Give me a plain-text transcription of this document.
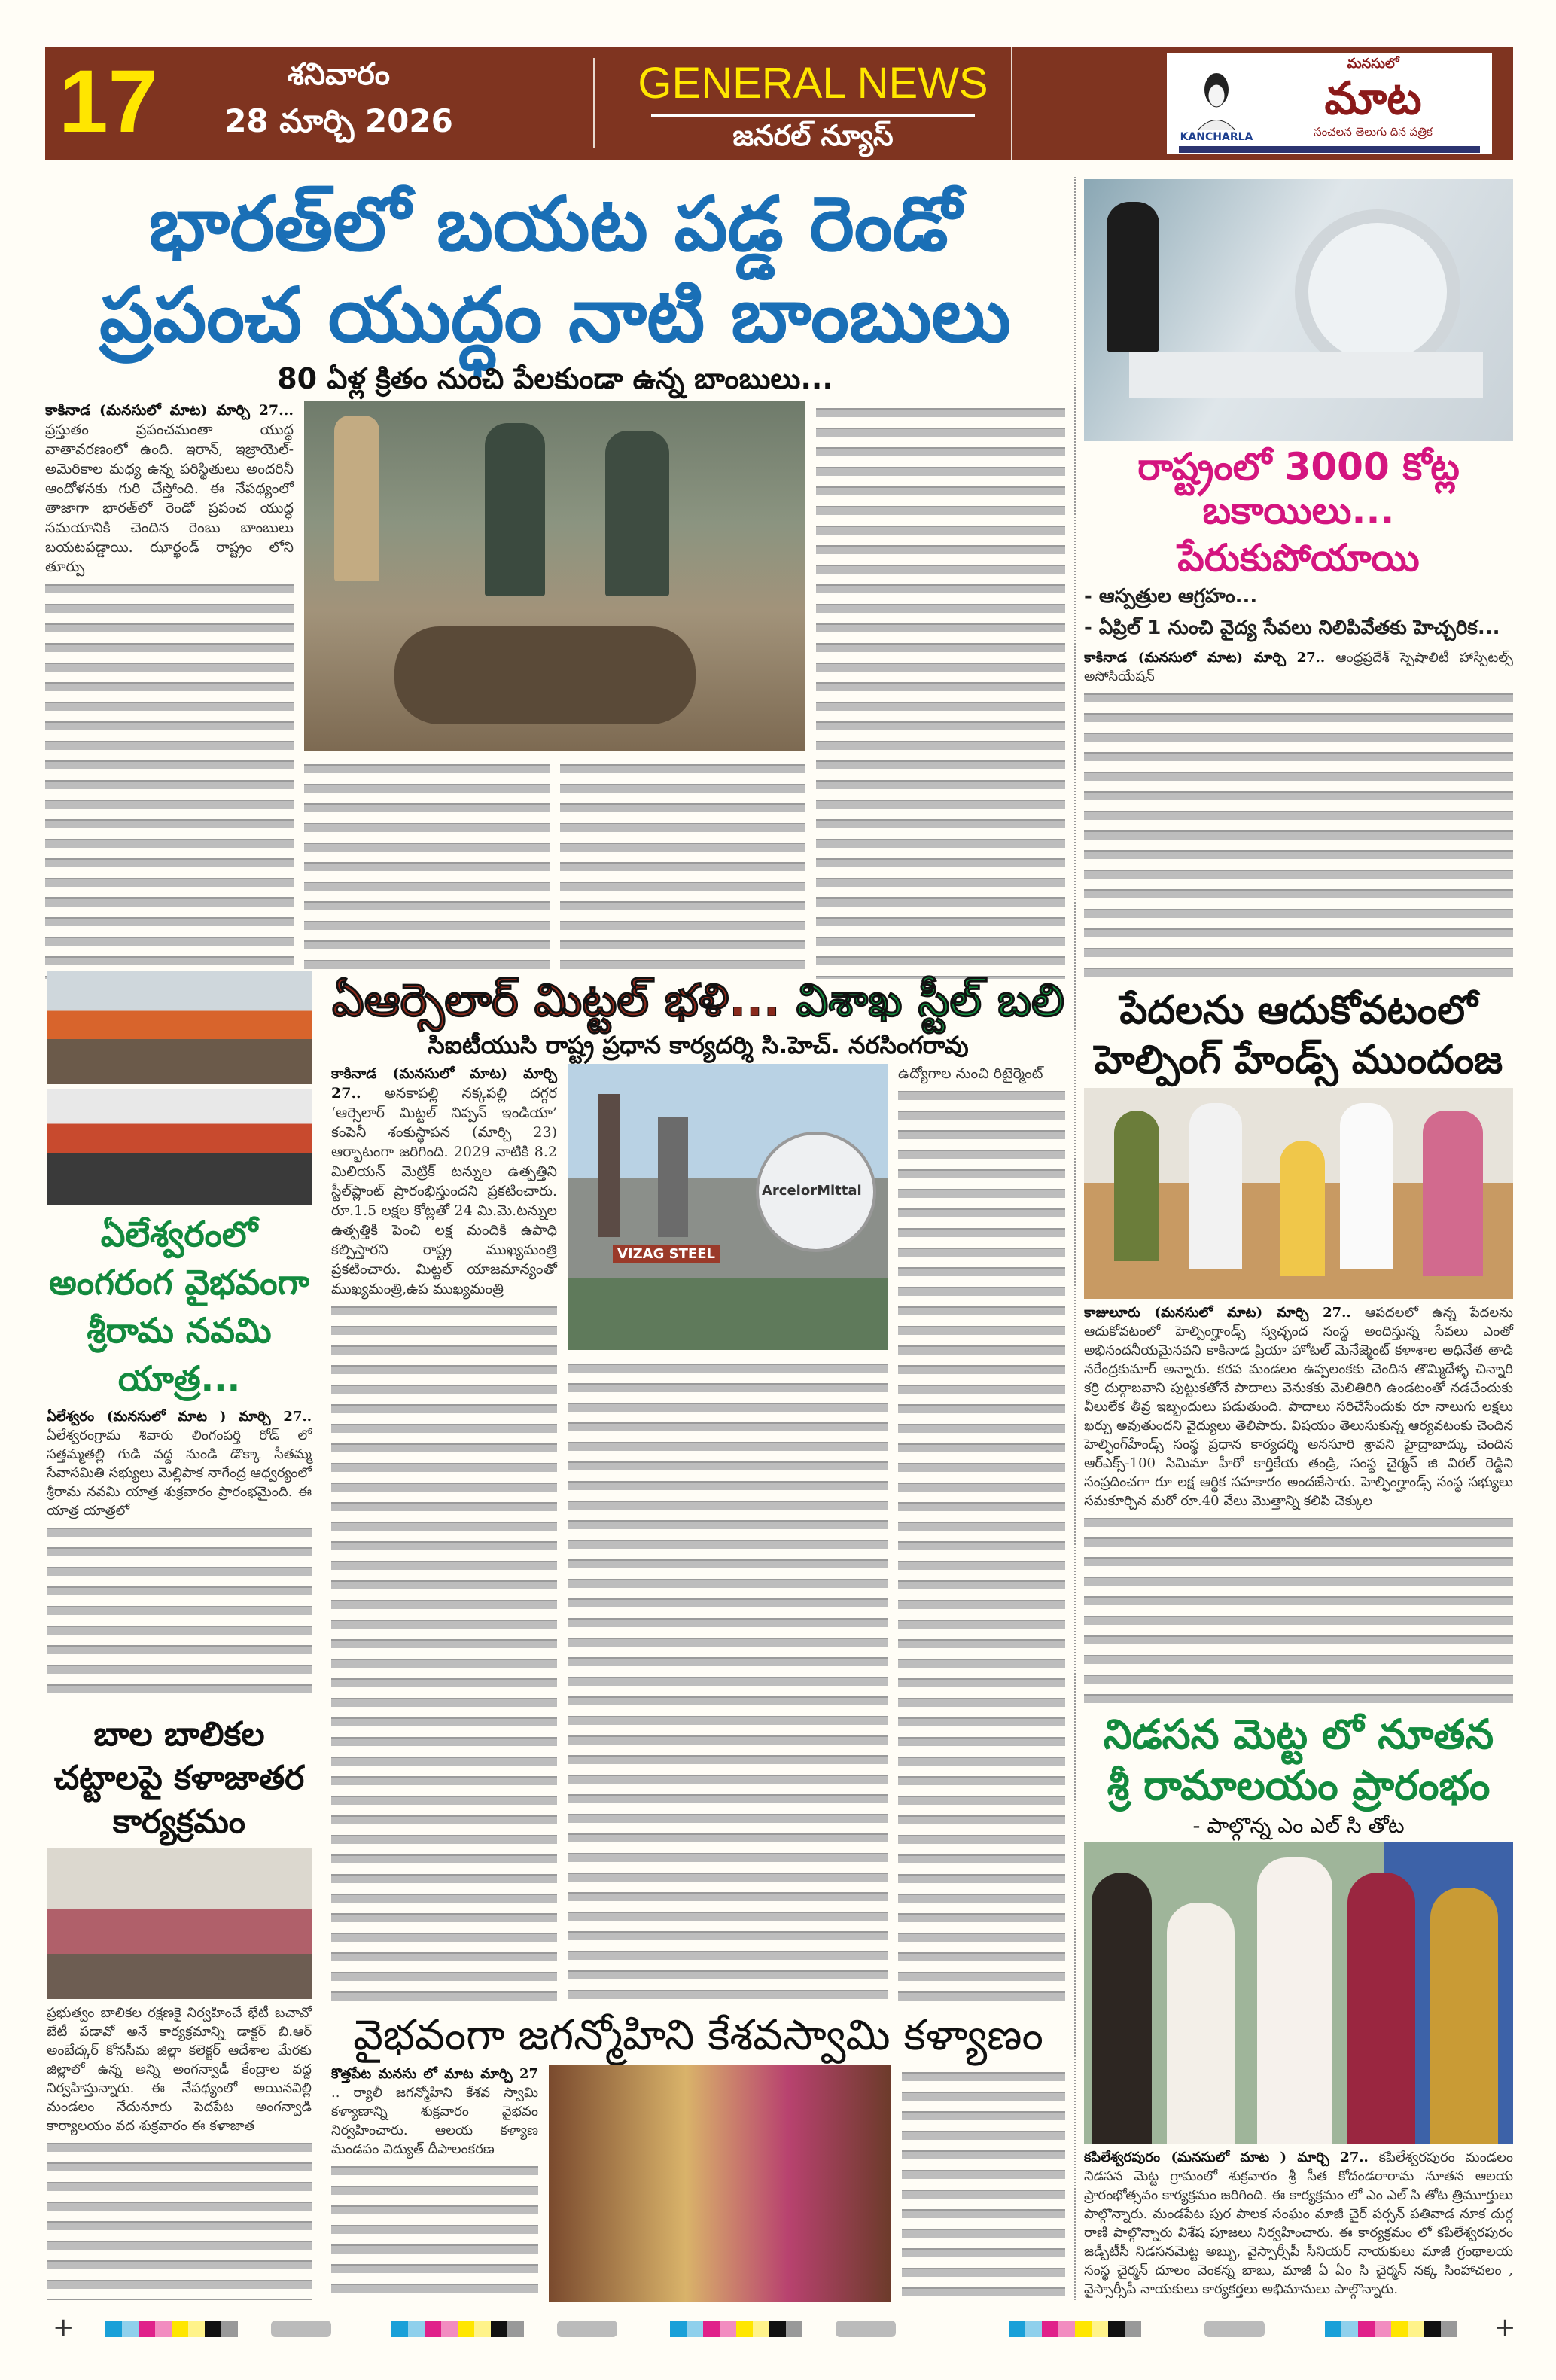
17	శనివారం
28 మార్చి 2026
GENERAL NEWS
జనరల్ న్యూస్	KANCHARLA
మనసులో
మాట
సంచలన తెలుగు దిన పత్రిక
భారత్‌లో బయట పడ్డ రెండో
ప్రపంచ యుద్ధం నాటి బాంబులు
80 ఏళ్ల క్రితం నుంచి పేలకుండా ఉన్న బాంబులు...
కాకినాడ (మనసులో మాట) మార్చి 27... ప్రస్తుతం ప్రపంచమంతా యుద్ధ వాతావరణంలో ఉంది. ఇరాన్, ఇజ్రాయెల్-అమెరికాల మధ్య ఉన్న పరిస్థితులు అందరినీ ఆందోళనకు గురి చేస్తోంది. ఈ నేపథ్యంలో తాజాగా భారత్‌లో రెండో ప్రపంచ యుద్ధ సమయానికి చెందిన రెంబు బాంబులు బయటపడ్డాయి. ఝార్ఖండ్ రాష్ట్రం లోని తూర్పు
రాష్ట్రంలో 3000 కోట్ల బకాయిలు...
పేరుకుపోయాయి
- ఆస్పత్రుల ఆగ్రహం...
- ఏప్రిల్ 1 నుంచి వైద్య సేవలు నిలిపివేతకు హెచ్చరిక...
కాకినాడ (మనసులో మాట) మార్చి 27.. ఆంధ్రప్రదేశ్ స్పెషాలిటీ హాస్పిటల్స్ అసోసియేషన్
పేదలను ఆదుకోవటంలో
హెల్పింగ్ హేండ్స్ ముందంజ
కాజులూరు (మనసులో మాట) మార్చి 27.. ఆపదలలో ఉన్న పేదలను ఆదుకోవటంలో హెల్పింగ్హాండ్స్ స్వచ్ఛంద సంస్థ అందిస్తున్న సేవలు ఎంతో అభినందనీయమైనవని కాకినాడ ప్రియా హోటల్ మెనేజ్మెంట్ కళాశాల అధినేత తాడి నరేంద్రకుమార్ అన్నారు. కరప మండలం ఉప్పలంకకు చెందిన తొమ్మిదేళ్ళ చిన్నారి కర్రి దుర్గాబవాని పుట్టుకతోనే పాదాలు వెనుకకు మెలితిరిగి ఉండటంతో నడచేందుకు వీలులేక తీవ్ర ఇబ్బందులు పడుతుంది. పాదాలు సరిచేసేందుకు రూ నాలుగు లక్షలు ఖర్చు అవుతుందని వైద్యులు తెలిపారు. విషయం తెలుసుకున్న ఆర్యవటంకు చెందిన హెల్ఫింగ్‌హేండ్స్ సంస్థ ప్రధాన కార్యదర్శి అనసూరి శ్రావని హైద్రాబాద్కు చెందిన ఆర్ఎక్స్-100 సిమిమా హీరో కార్తికేయ తండ్రి, సంస్థ చైర్మన్ జి విరల్ రెడ్డిని సంప్రదించగా రూ లక్ష ఆర్థిక సహకారం అందజేసారు. హెల్ఫింగ్హాండ్స్ సంస్థ సభ్యులు సమకూర్చిన మరో రూ.40 వేలు మొత్తాన్ని కలిపి చెక్కుల
నిడసన మెట్ట లో నూతన
శ్రీ రామాలయం ప్రారంభం
- పాల్గొన్న ఎం ఎల్ సి తోట
కపిలేశ్వరపురం (మనసులో మాట ) మార్చి 27.. కపిలేశ్వరపురం మండలం నిడసన మెట్ట గ్రామంలో శుక్రవారం శ్రీ సీత కోదండరారామ నూతన ఆలయ ప్రారంభోత్సవం కార్యక్రమం జరిగింది. ఈ కార్యక్రమం లో ఎం ఎల్ సి తోట త్రిమూర్తులు పాల్గొన్నారు. మండపేట పుర పాలక సంఘం మాజీ చైర్ పర్సన్ పతివాడ నూక దుర్గ రాణి పాల్గొన్నారు విశేష పూజలు నిర్వహించారు. ఈ కార్యక్రమం లో కపిలేశ్వరపురం జడ్పీటీసీ నిడసనమెట్ట అబ్బు, వైస్సార్సీపీ సీనియర్ నాయకులు మాజీ గ్రంథాలయ సంస్థ చైర్మన్ దూలం వెంకన్న బాబు, మాజీ ఏ ఏం సి చైర్మన్ నక్క సింహాచలం , వైస్సార్సీపీ నాయకులు కార్యకర్తలు అభిమానులు పాల్గొన్నారు.
ఏలేశ్వరంలో అంగరంగ వైభవంగా శ్రీరామ నవమి యాత్ర...
ఏలేశ్వరం (మనసులో మాట ) మార్చి 27.. ఏలేశ్వరంగ్రామ శివారు లింగంపర్తి రోడ్ లో సత్తమ్మతల్లి గుడి వద్ద నుండి డొక్కా సీతమ్మ సేవాసమితి సభ్యులు మెల్లిపాక నాగేంద్ర ఆధ్వర్యంలో శ్రీరామ నవమి యాత్ర శుక్రవారం ప్రారంభమైంది. ఈ యాత్ర యాత్రలో
బాల బాలికల చట్టాలపై కళాజాతర కార్యక్రమం
ప్రభుత్వం బాలికల రక్షణకై నిర్వహించే భేటీ బచావో బేటీ పడావో అనే కార్యక్రమాన్ని డాక్టర్ బి.ఆర్ అంబేద్కర్ కోనసీమ జిల్లా కలెక్టర్ ఆదేశాల మేరకు జిల్లాలో ఉన్న అన్ని అంగన్వాడీ కేంద్రాల వద్ద నిర్వహిస్తున్నారు. ఈ నేపథ్యంలో అయినవిల్లి మండలం నేదునూరు పెదపేట అంగన్వాడి కార్యాలయం వద శుక్రవారం ఈ కళాజాత
ఏఆర్సెలార్ మిట్టల్ భళి... విశాఖ స్టీల్ బలి
సిఐటీయుసి రాష్ట్ర ప్రధాన కార్యదర్శి సి.హెచ్. నరసింగరావు
కాకినాడ (మనసులో మాట) మార్చి 27.. అనకాపల్లి నక్కపల్లి దగ్గర ‘ఆర్సెలార్ మిట్టల్ నిప్పన్ ఇండియా’ కంపెనీ శంకుస్థాపన (మార్చి 23) ఆర్భాటంగా జరిగింది. 2029 నాటికి 8.2 మిలియన్ మెట్రిక్ టన్నుల ఉత్పత్తిని స్టీల్‌ప్లాంట్ ప్రారంభిస్తుందని ప్రకటించారు. రూ.1.5 లక్షల కోట్లతో 24 మి.మె.టన్నుల ఉత్పత్తికి పెంచి లక్ష మందికి ఉపాధి కల్పిస్తారని రాష్ట్ర ముఖ్యమంత్రి ప్రకటించారు. మిట్టల్ యాజమాన్యంతో ముఖ్యమంత్రి,ఉప ముఖ్యమంత్రి
VIZAG STEEL
ArcelorMittal
ఉద్యోగాల నుంచి రిటైర్మెంట్
వైభవంగా జగన్మోహిని కేశవస్వామి కళ్యాణం
కొత్తపేట మనసు లో మాట మార్చి 27 .. ర్యాలీ జగన్మోహిని కేశవ స్వామి కళ్యాణాన్ని శుక్రవారం వైభవం నిర్వహించారు. ఆలయ కళ్యాణ మండపం విద్యుత్ దీపాలంకరణ
+	+
